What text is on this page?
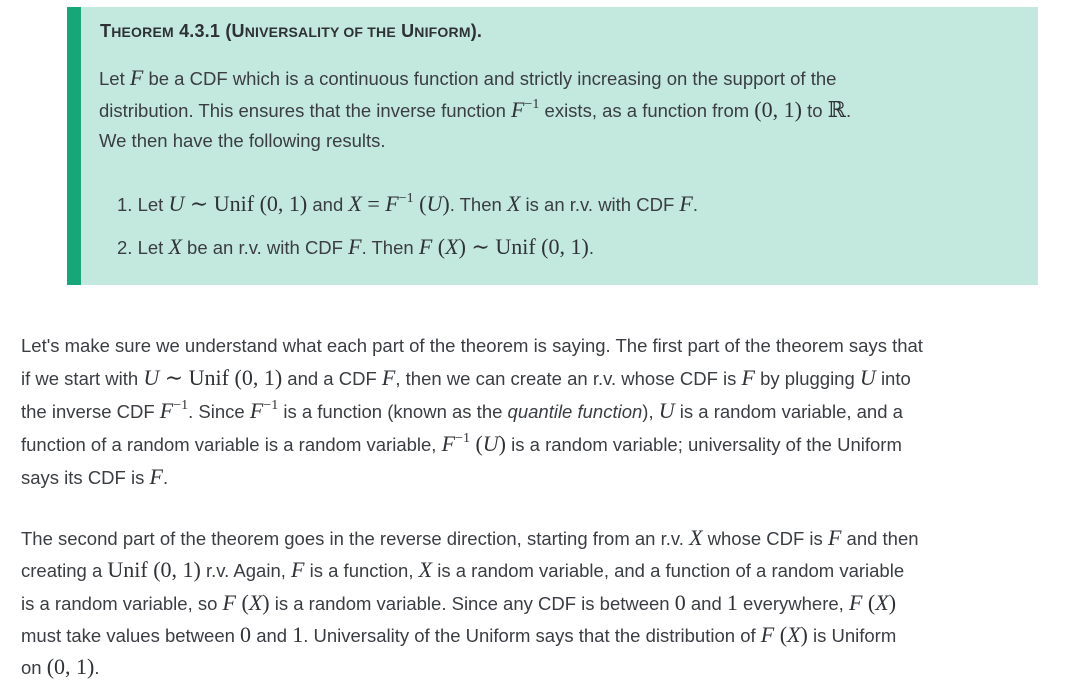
THEOREM 4.3.1 (UNIVERSALITY OF THE UNIFORM).
Let F be a CDF which is a continuous function and strictly increasing on the support of the
distribution. This ensures that the inverse function $F^{-1}$ exists, as a function from (0, 1) to ℝ.
We then have the following results.
1. Let U ∼ Unif (0, 1) and $X = F^{-1}$ (U). Then X is an r.v. with CDF F.
2. Let X be an r.v. with CDF F. Then F (X) ∼ Unif (0, 1).
Let's make sure we understand what each part of the theorem is saying. The first part of the theorem says that
if we start with U ∼ Unif (0, 1) and a CDF F, then we can create an r.v. whose CDF is F by plugging U into
the inverse CDF $F^{-1}$. Since $F^{-1}$ is a function (known as the quantile function), U is a random variable, and a
function of a random variable is a random variable, $F^{-1}$ (U) is a random variable; universality of the Uniform
says its CDF is F.
The second part of the theorem goes in the reverse direction, starting from an r.v. X whose CDF is F and then
creating a Unif (0, 1) r.v. Again, F is a function, X is a random variable, and a function of a random variable
is a random variable, so F (X) is a random variable. Since any CDF is between 0 and 1 everywhere, F (X)
must take values between 0 and 1. Universality of the Uniform says that the distribution of F (X) is Uniform
on (0, 1).
